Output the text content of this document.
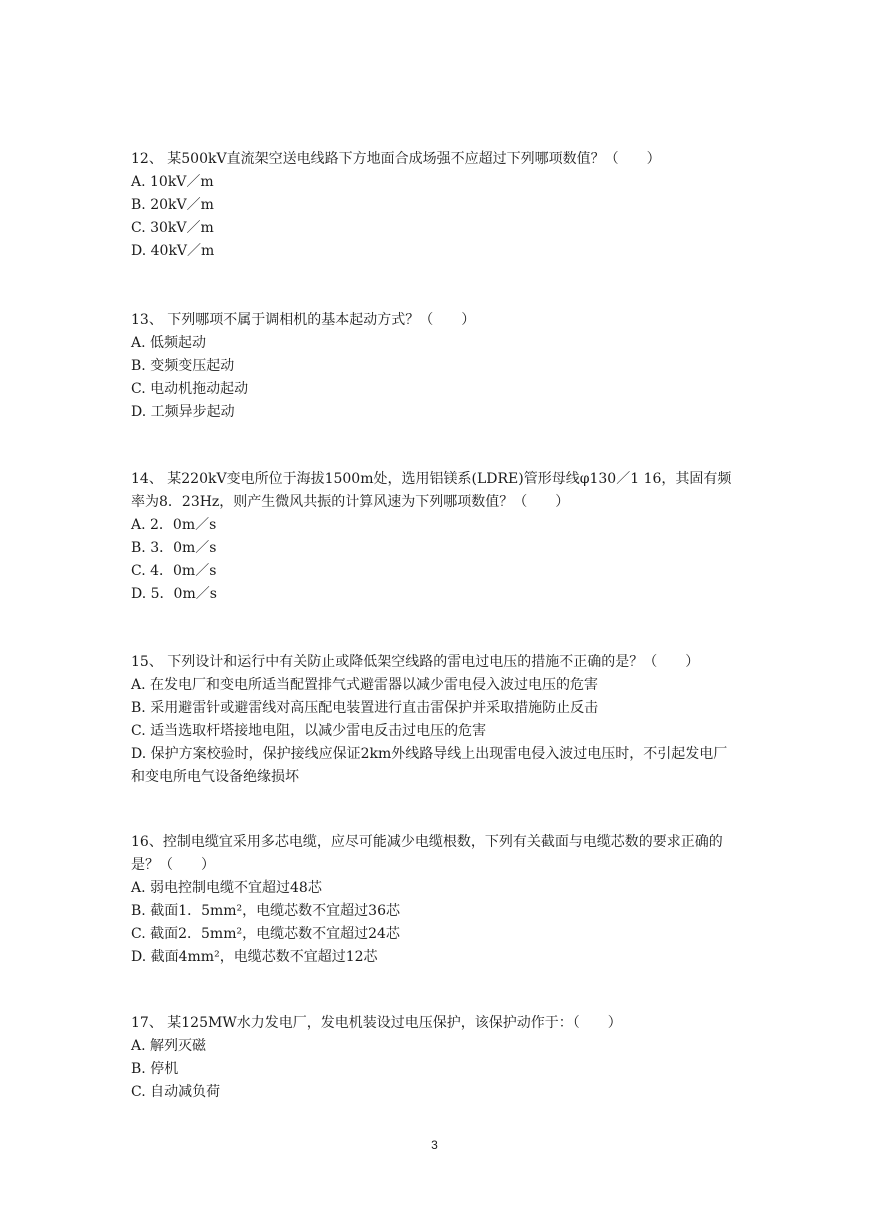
12、 某500kV直流架空送电线路下方地面合成场强不应超过下列哪项数值？（　　）

A. 10kV／m

B. 20kV／m

C. 30kV／m

D. 40kV／m

13、 下列哪项不属于调相机的基本起动方式？（　　）

A. 低频起动

B. 变频变压起动

C. 电动机拖动起动

D. 工频异步起动

14、 某220kV变电所位于海拔1500m处，选用铝镁系(LDRE)管形母线φ130／1 16，其固有频率为8．23Hz，则产生微风共振的计算风速为下列哪项数值？（　　）

A. 2．0m／s

B. 3．0m／s

C. 4．0m／s

D. 5．0m／s

15、 下列设计和运行中有关防止或降低架空线路的雷电过电压的措施不正确的是？（　　）

A. 在发电厂和变电所适当配置排气式避雷器以减少雷电侵入波过电压的危害

B. 采用避雷针或避雷线对高压配电装置进行直击雷保护并采取措施防止反击

C. 适当选取杆塔接地电阻，以减少雷电反击过电压的危害

D. 保护方案校验时，保护接线应保证2km外线路导线上出现雷电侵入波过电压时，不引起发电厂和变电所电气设备绝缘损坏

16、控制电缆宜采用多芯电缆，应尽可能减少电缆根数，下列有关截面与电缆芯数的要求正确的是？（　　）

A. 弱电控制电缆不宜超过48芯

B. 截面1．5mm²，电缆芯数不宜超过36芯

C. 截面2．5mm²，电缆芯数不宜超过24芯

D. 截面4mm²，电缆芯数不宜超过12芯

17、 某125MW水力发电厂，发电机装设过电压保护，该保护动作于：（　　）

A. 解列灭磁

B. 停机

C. 自动减负荷

3
